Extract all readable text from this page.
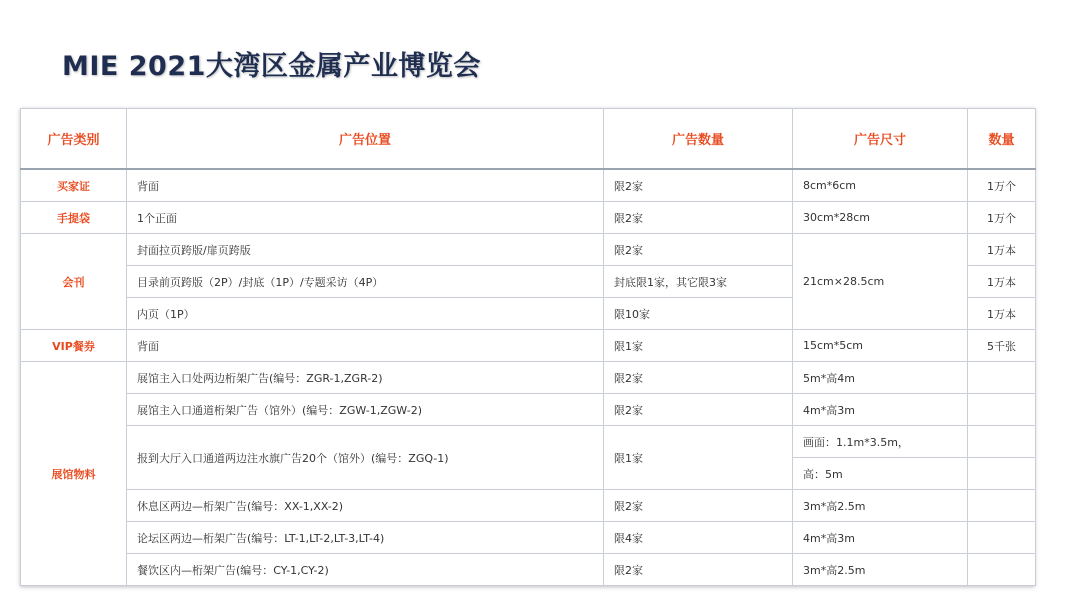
MIE 2021大湾区金属产业博览会
广告类别	广告位置	广告数量	广告尺寸	数量
买家证	背面	限2家	8cm*6cm	1万个
手提袋	1个正面	限2家	30cm*28cm	1万个
会刊	封面拉页跨版/扉页跨版	限2家	21cm×28.5cm	1万本
	目录前页跨版（2P）/封底（1P）/专题采访（4P）	封底限1家，其它限3家		1万本
	内页（1P）	限10家		1万本
VIP餐券	背面	限1家	15cm*5cm	5千张
展馆物料	展馆主入口处两边桁架广告(编号：ZGR-1,ZGR-2)	限2家	5m*高4m	
	展馆主入口通道桁架广告（馆外）(编号：ZGW-1,ZGW-2)	限2家	4m*高3m	
	报到大厅入口通道两边注水旗广告20个（馆外）(编号：ZGQ-1)	限1家	画面：1.1m*3.5m，	
			高：5m	
	休息区两边—桁架广告(编号：XX-1,XX-2)	限2家	3m*高2.5m	
	论坛区两边—桁架广告(编号：LT-1,LT-2,LT-3,LT-4)	限4家	4m*高3m	
	餐饮区内—桁架广告(编号：CY-1,CY-2)	限2家	3m*高2.5m	
